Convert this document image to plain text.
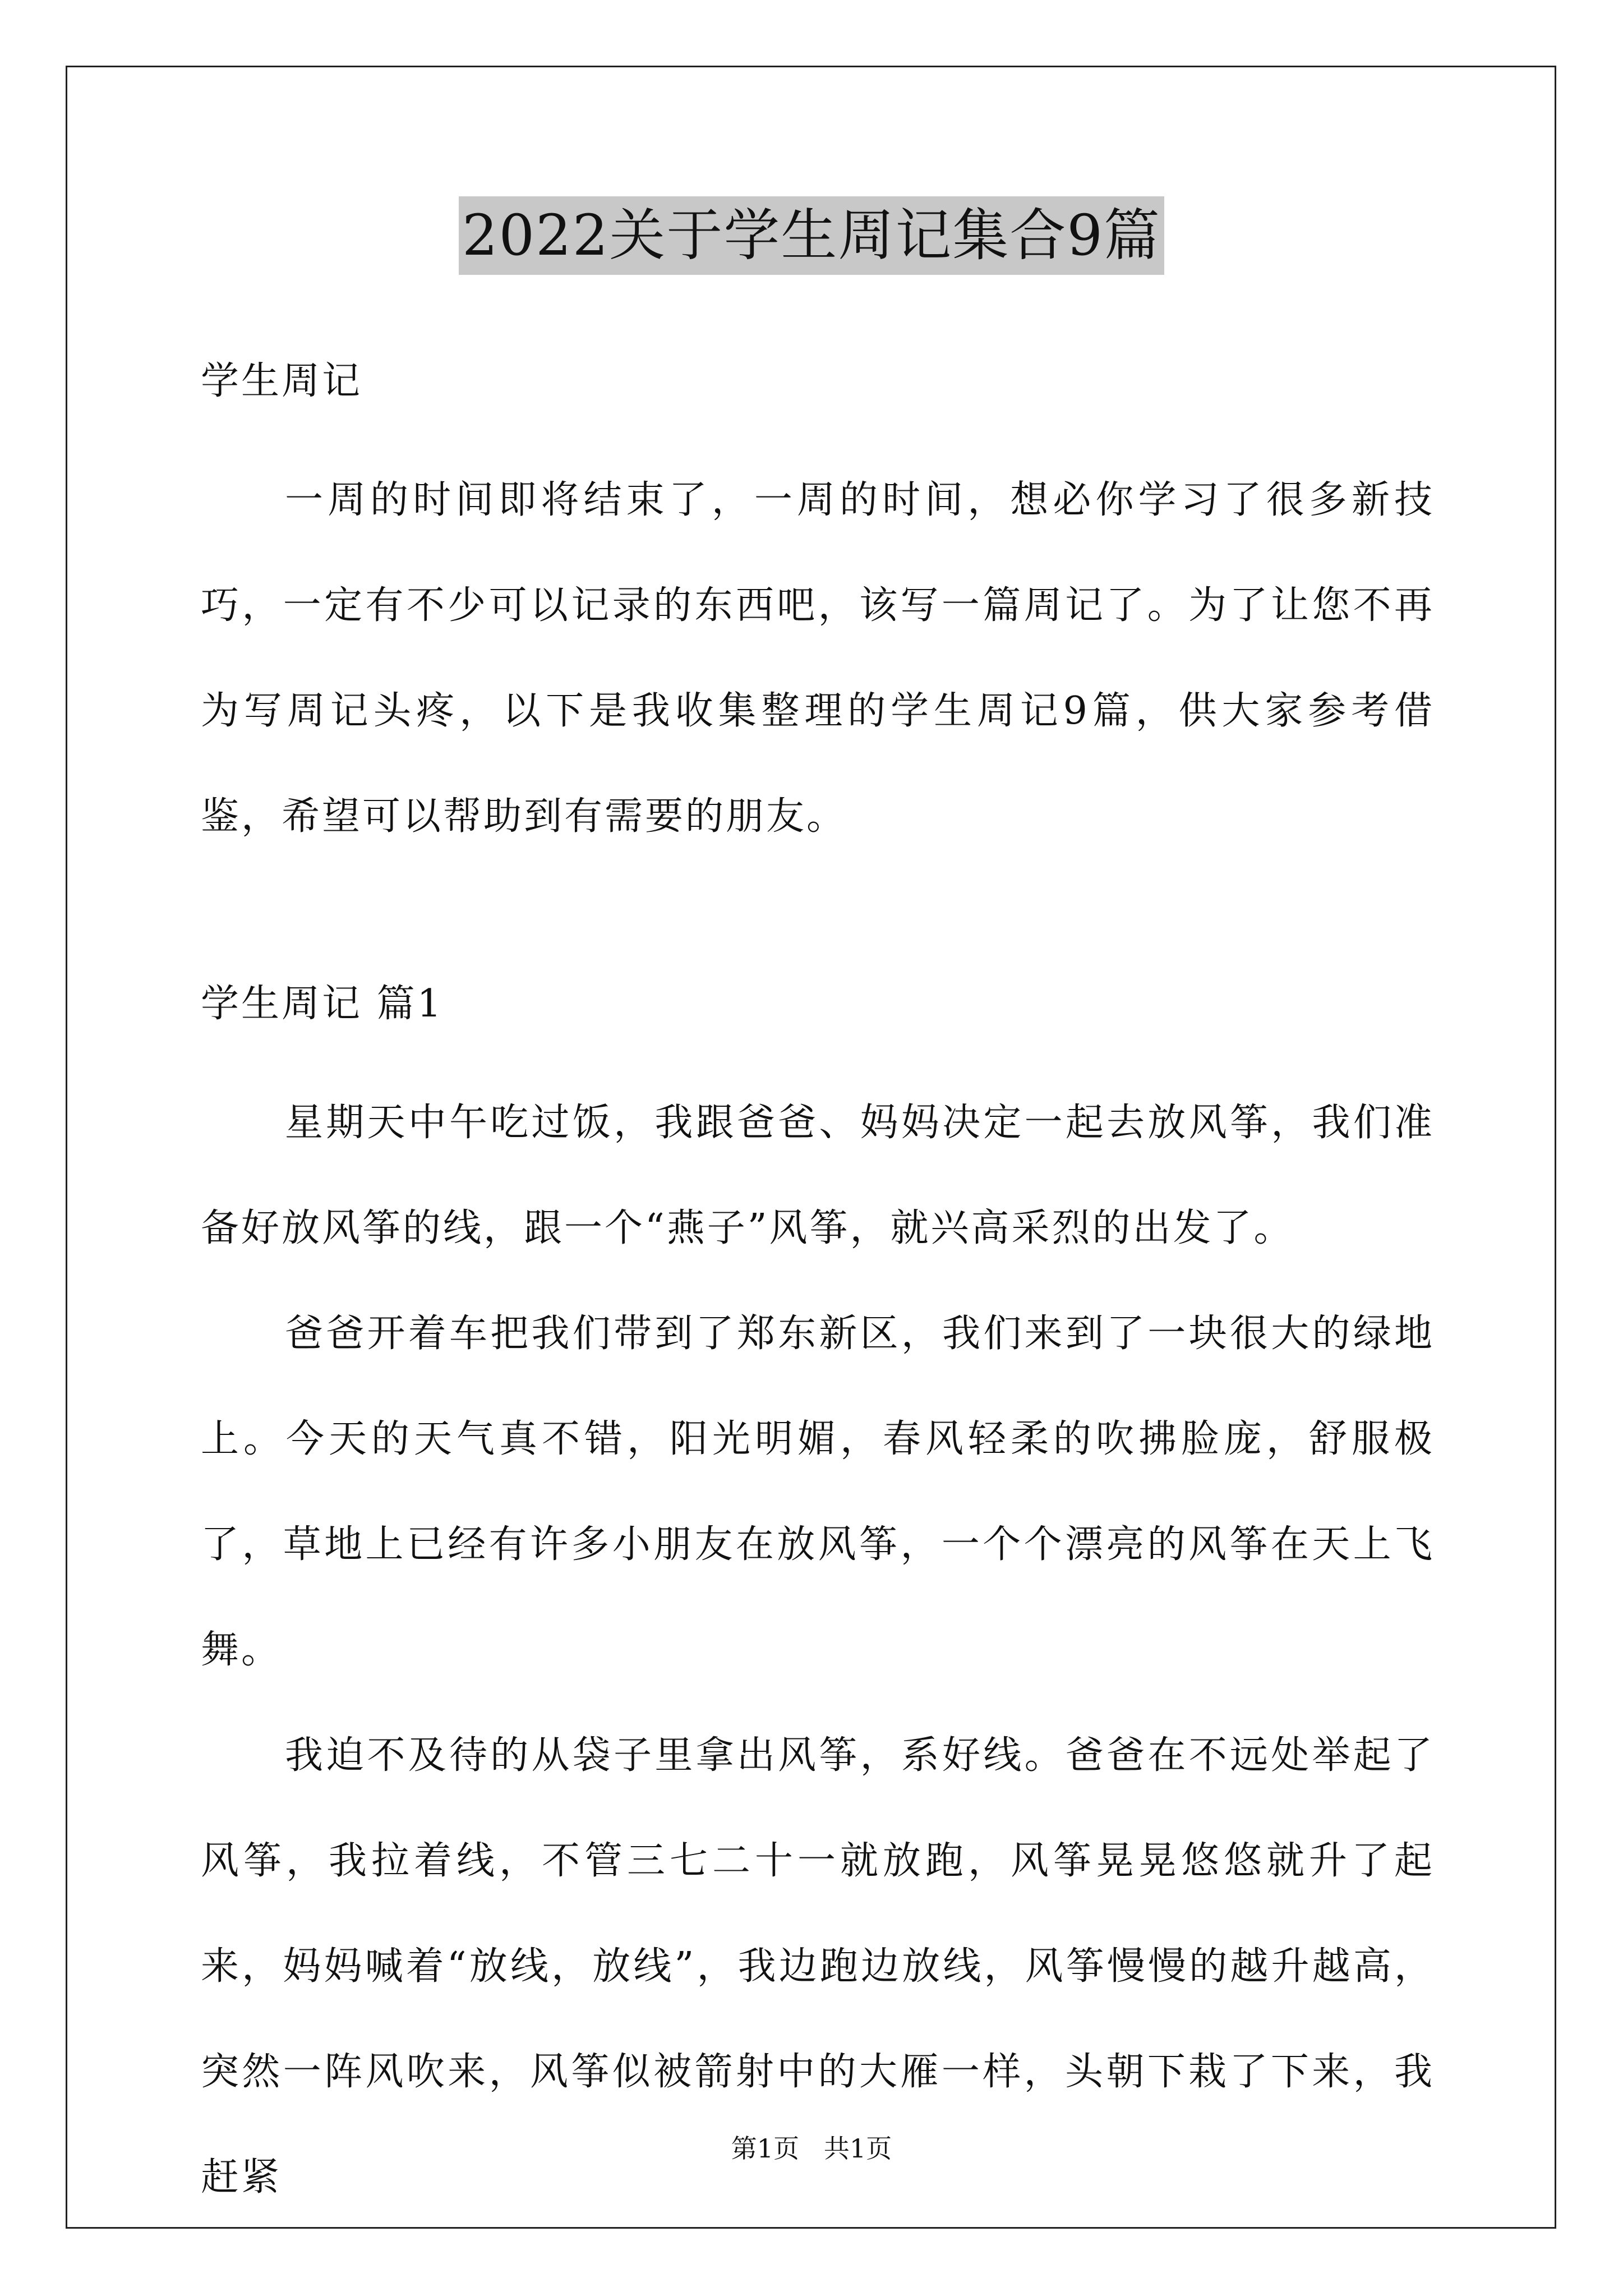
2022关于学生周记集合9篇
学生周记
一周的时间即将结束了，一周的时间，想必你学习了很多新技巧，一定有不少可以记录的东西吧，该写一篇周记了。为了让您不再为写周记头疼，以下是我收集整理的学生周记9篇，供大家参考借鉴，希望可以帮助到有需要的朋友。
学生周记 篇1
星期天中午吃过饭，我跟爸爸、妈妈决定一起去放风筝，我们准备好放风筝的线，跟一个“燕子”风筝，就兴高采烈的出发了。
爸爸开着车把我们带到了郑东新区，我们来到了一块很大的绿地上。今天的天气真不错，阳光明媚，春风轻柔的吹拂脸庞，舒服极了，草地上已经有许多小朋友在放风筝，一个个漂亮的风筝在天上飞舞。
我迫不及待的从袋子里拿出风筝，系好线。爸爸在不远处举起了风筝，我拉着线，不管三七二十一就放跑，风筝晃晃悠悠就升了起来，妈妈喊着“放线，放线”，我边跑边放线，风筝慢慢的越升越高，突然一阵风吹来，风筝似被箭射中的大雁一样，头朝下栽了下来，我赶紧
第1页   共1页
